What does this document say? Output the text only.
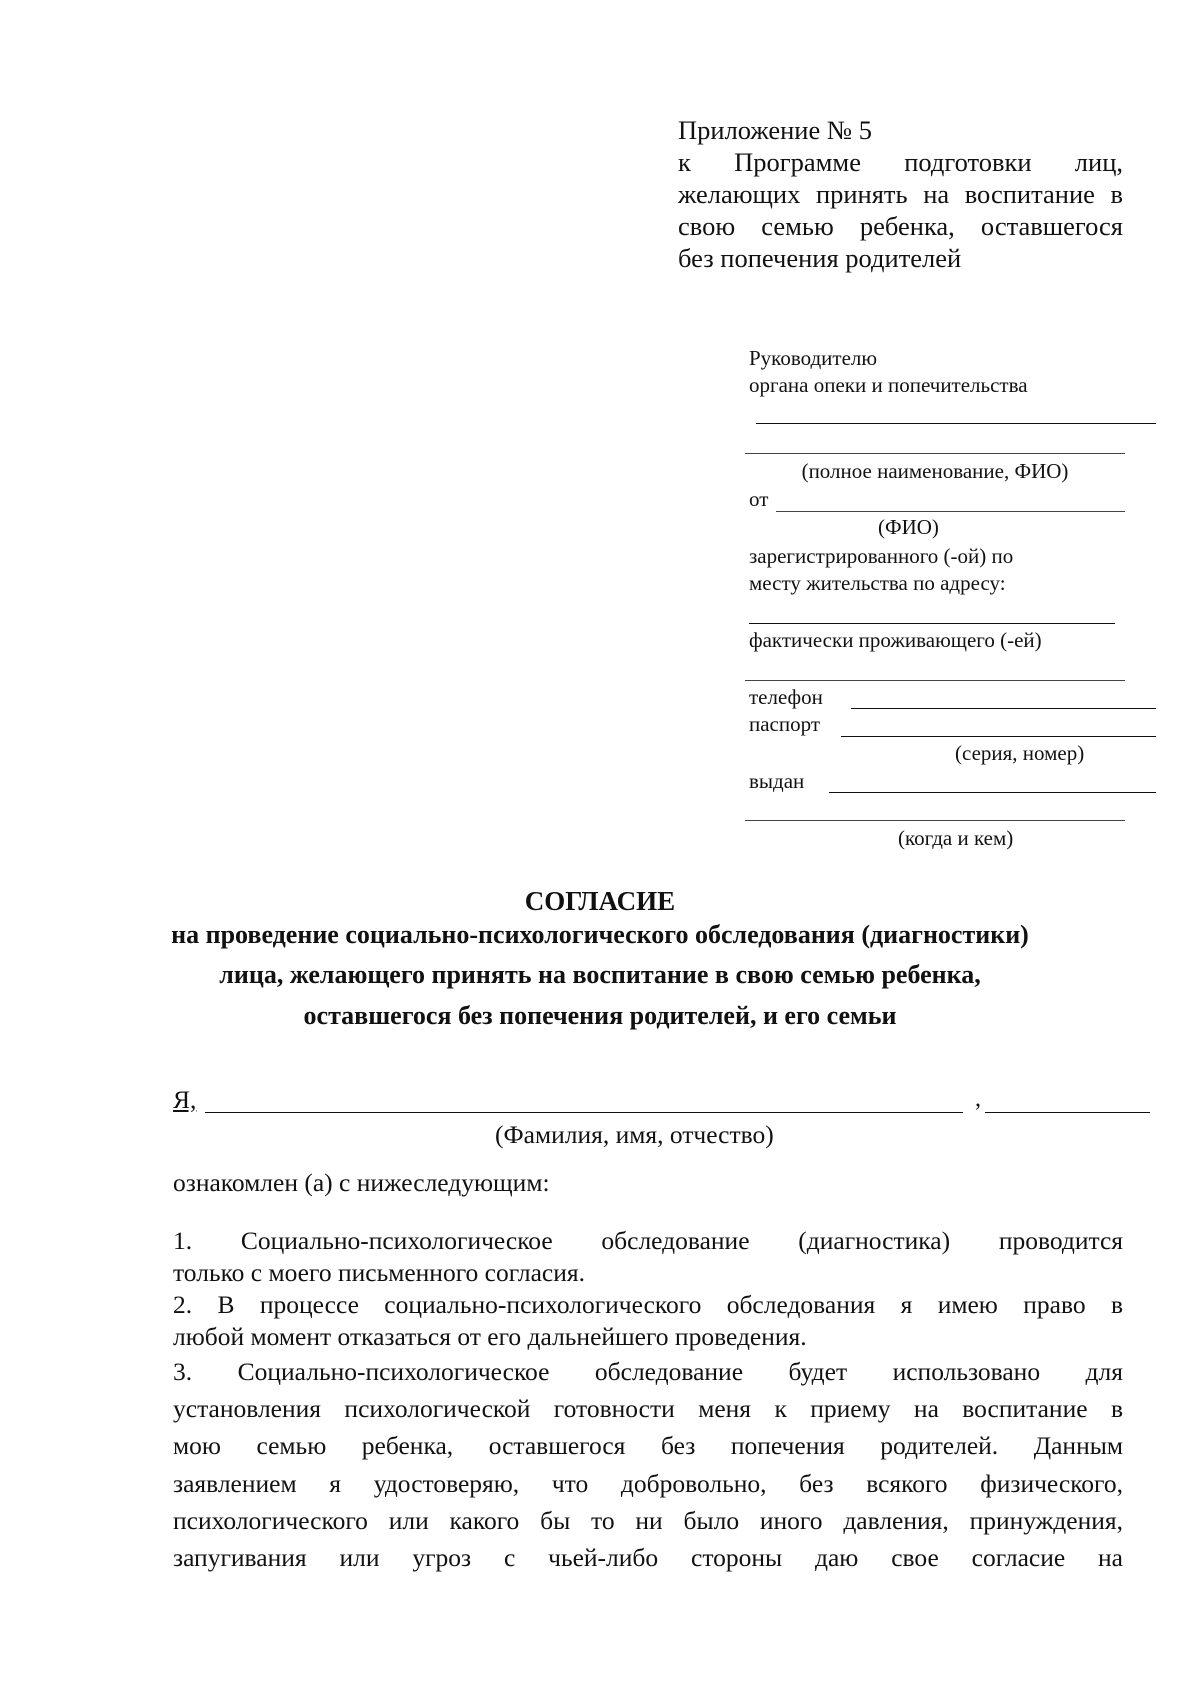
Приложение № 5
к Программе подготовки лиц,
желающих принять на воспитание в
свою семью ребенка, оставшегося
без попечения родителей
Руководителю
органа опеки и попечительства
(полное наименование, ФИО)
от
(ФИО)
зарегистрированного (-ой) по
месту жительства по адресу:
фактически проживающего (-ей)
телефон
паспорт
(серия, номер)
выдан
(когда и кем)
СОГЛАСИЕ
на проведение социально-психологического обследования (диагностики)
лица, желающего принять на воспитание в свою семью ребенка,
оставшегося без попечения родителей, и его семьи
Я,	,
(Фамилия, имя, отчество)
ознакомлен (а) с нижеследующим:
1. Социально-психологическое обследование (диагностика) проводится
только с моего письменного согласия.
2. В процессе социально-психологического обследования я имею право в
любой момент отказаться от его дальнейшего проведения.
3. Социально-психологическое обследование будет использовано для
установления психологической готовности меня к приему на воспитание в
мою семью ребенка, оставшегося без попечения родителей. Данным
заявлением я удостоверяю, что добровольно, без всякого физического,
психологического или какого бы то ни было иного давления, принуждения,
запугивания или угроз с чьей-либо стороны даю свое согласие на
